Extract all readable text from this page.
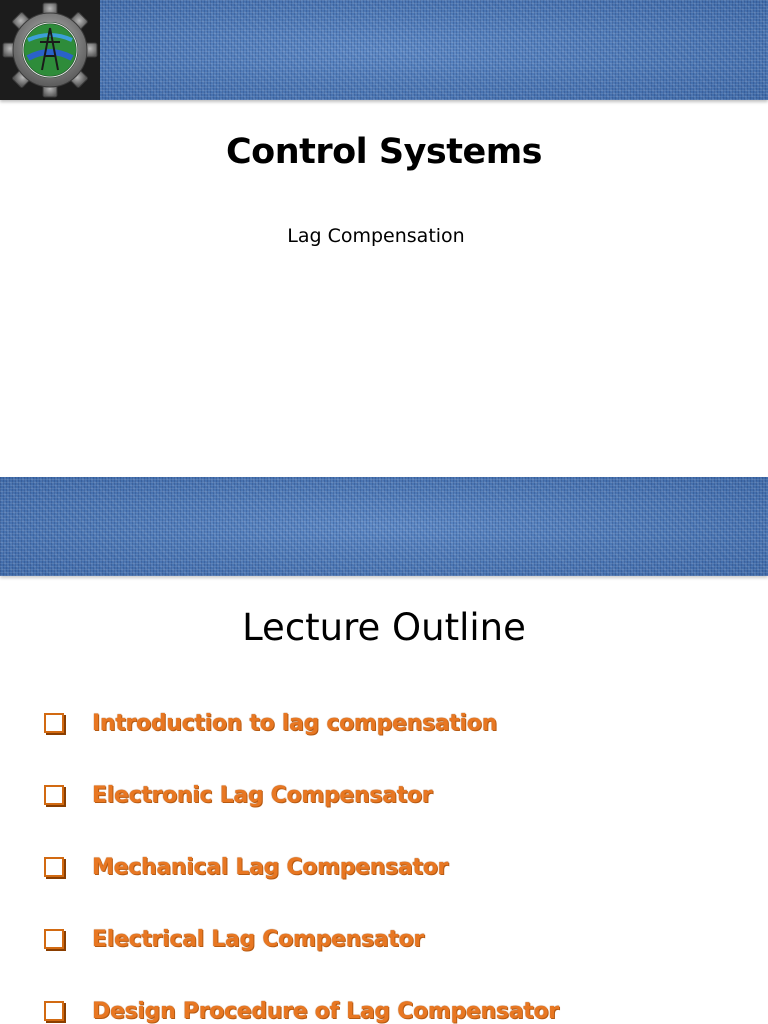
Control Systems
Lag Compensation
Lecture Outline
Introduction to lag compensation
Electronic Lag Compensator
Mechanical Lag Compensator
Electrical Lag Compensator
Design Procedure of Lag Compensator
